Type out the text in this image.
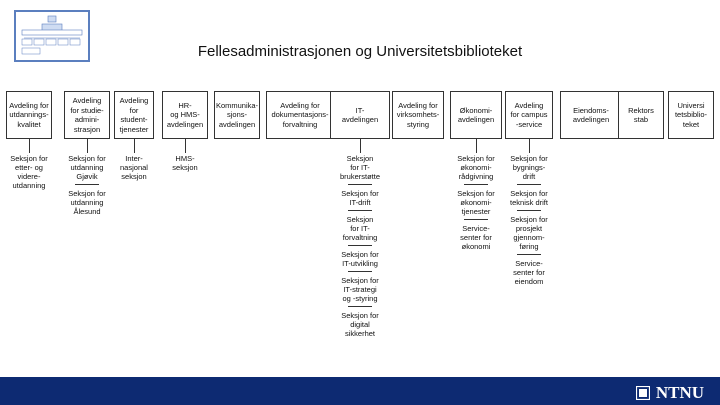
Fellesadministrasjonen og Universitetsbiblioteket
Avdeling for
utdannings-
kvalitet
Seksjon for
etter- og
videre-
utdanning
Avdeling
for studie-
admini-
strasjon
Seksjon for
utdanning
Gjøvik
Seksjon for
utdanning
Ålesund
Avdeling
for
student-
tjenester
Inter-
nasjonal
seksjon
HR-
og HMS-
avdelingen
HMS-
seksjon
Kommunika-
sjons-
avdelingen
Avdeling for
dokumentasjons-
forvaltning
IT-
avdelingen
Seksjon
for IT-
brukerstøtte
Seksjon for
IT-drift
Seksjon
for IT-
forvaltning
Seksjon for
IT-utvikling
Seksjon for
IT-strategi
og -styring
Seksjon for
digital
sikkerhet
Avdeling for
virksomhets-
styring
Økonomi-
avdelingen
Seksjon for
økonomi-
rådgivning
Seksjon for
økonomi-
tjenester
Service-
senter for
økonomi
Avdeling
for campus
-service
Seksjon for
bygnings-
drift
Seksjon for
teknisk drift
Seksjon for
prosjekt
gjennom-
føring
Service-
senter for
eiendom
Eiendoms-
avdelingen
Rektors
stab
Universi
tetsbiblio-
teket
NTNU
